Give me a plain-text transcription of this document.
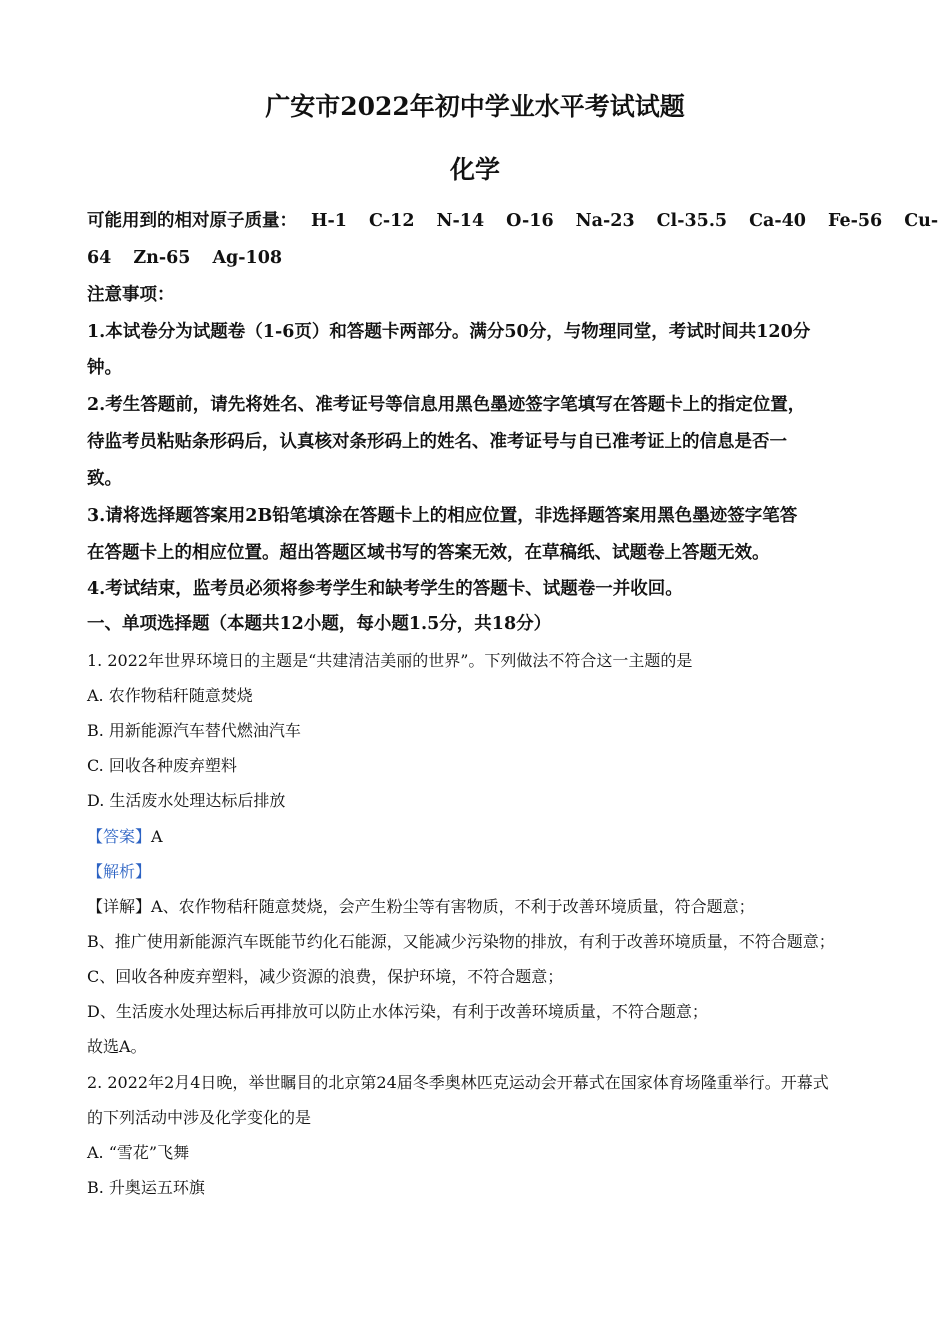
广安市2022年初中学业水平考试试题
化学
可能用到的相对原子质量： H-1 C-12 N-14 O-16 Na-23 Cl-35.5 Ca-40 Fe-56 Cu-
64 Zn-65 Ag-108
注意事项：
1.本试卷分为试题卷（1-6页）和答题卡两部分。满分50分，与物理同堂，考试时间共120分
钟。
2.考生答题前，请先将姓名、准考证号等信息用黑色墨迹签字笔填写在答题卡上的指定位置，
待监考员粘贴条形码后，认真核对条形码上的姓名、准考证号与自已准考证上的信息是否一
致。
3.请将选择题答案用2B铅笔填涂在答题卡上的相应位置，非选择题答案用黑色墨迹签字笔答
在答题卡上的相应位置。超出答题区域书写的答案无效，在草稿纸、试题卷上答题无效。
4.考试结束，监考员必须将参考学生和缺考学生的答题卡、试题卷一并收回。
一、单项选择题（本题共12小题，每小题1.5分，共18分）
1. 2022年世界环境日的主题是“共建清洁美丽的世界”。下列做法不符合这一主题的是
A. 农作物秸秆随意焚烧
B. 用新能源汽车替代燃油汽车
C. 回收各种废弃塑料
D. 生活废水处理达标后排放
【答案】A
【解析】
【详解】A、农作物秸秆随意焚烧，会产生粉尘等有害物质，不利于改善环境质量，符合题意；
B、推广使用新能源汽车既能节约化石能源，又能减少污染物的排放，有利于改善环境质量，不符合题意；
C、回收各种废弃塑料，减少资源的浪费，保护环境，不符合题意；
D、生活废水处理达标后再排放可以防止水体污染，有利于改善环境质量，不符合题意；
故选A。
2. 2022年2月4日晚，举世瞩目的北京第24届冬季奥林匹克运动会开幕式在国家体育场隆重举行。开幕式
的下列活动中涉及化学变化的是
A. “雪花”飞舞
B. 升奥运五环旗
